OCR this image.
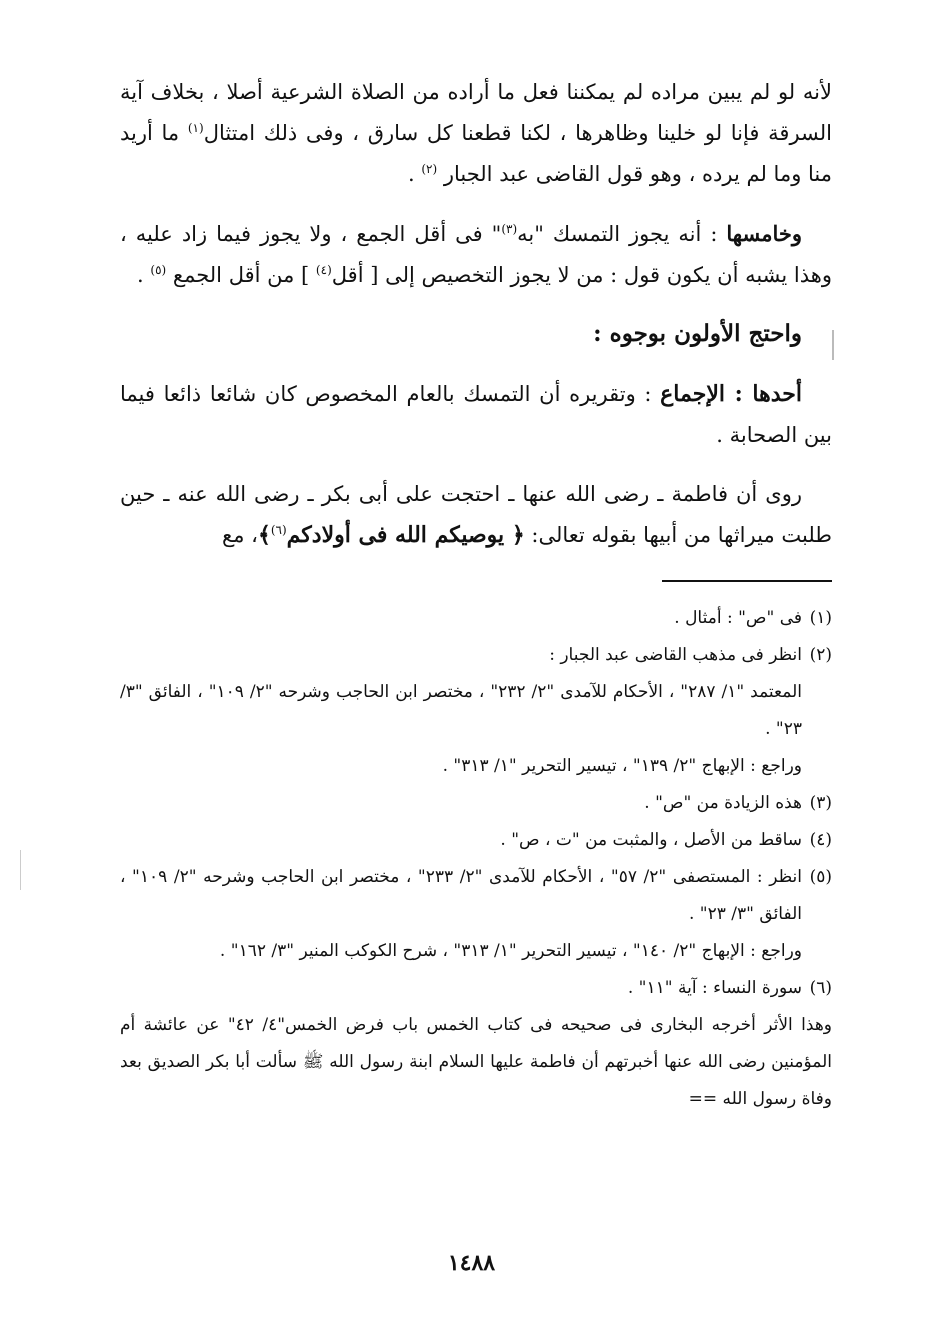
لأنه لو لم يبين مراده لم يمكننا فعل ما أراده من الصلاة الشرعية أصلا ، بخلاف آية السرقة فإنا لو خلينا وظاهرها ، لكنا قطعنا كل سارق ، وفى ذلك امتثال$^{(١)}$ ما أريد منا وما لم يرده ، وهو قول القاضى عبد الجبار $^{(٢)}$ .

وخامسها : أنه يجوز التمسك "به$^{(٣)}$" فى أقل الجمع ، ولا يجوز فيما زاد عليه ، وهذا يشبه أن يكون قول : من لا يجوز التخصيص إلى [ أقل$^{(٤)}$ ] من أقل الجمع $^{(٥)}$ .

واحتج الأولون بوجوه :

أحدها : الإجماع : وتقريره أن التمسك بالعام المخصوص كان شائعا ذائعا فيما بين الصحابة .

روى أن فاطمة ـ رضى الله عنها ـ احتجت على أبى بكر ـ رضى الله عنه ـ حين طلبت ميراثها من أبيها بقوله تعالى: ﴿ يوصيكم الله فى أولادكم$^{(٦)}$﴾، مع

(١)

فى "ص" : أمثال .

(٢)

انظر فى مذهب القاضى عبد الجبار :

المعتمد "١/ ٢٨٧" ، الأحكام للآمدى "٢/ ٢٣٢" ، مختصر ابن الحاجب وشرحه "٢/ ١٠٩" ، الفائق "٣/ ٢٣" .

وراجع : الإبهاج "٢/ ١٣٩" ، تيسير التحرير "١/ ٣١٣" .

(٣)

هذه الزيادة من "ص" .

(٤)

ساقط من الأصل ، والمثبت من "ت ، ص" .

(٥)

انظر : المستصفى "٢/ ٥٧" ، الأحكام للآمدى "٢/ ٢٣٣" ، مختصر ابن الحاجب وشرحه "٢/ ١٠٩" ، الفائق "٣/ ٢٣" .

وراجع : الإبهاج "٢/ ١٤٠" ، تيسير التحرير "١/ ٣١٣" ، شرح الكوكب المنير "٣/ ١٦٢" .

(٦)

سورة النساء : آية "١١" .

وهذا الأثر أخرجه البخارى فى صحيحه فى كتاب الخمس باب فرض الخمس"٤/ ٤٢" عن عائشة أم المؤمنين رضى الله عنها أخبرتهم أن فاطمة عليها السلام ابنة رسول الله ﷺ سألت أبا بكر الصديق بعد وفاة رسول الله ==

١٤٨٨
